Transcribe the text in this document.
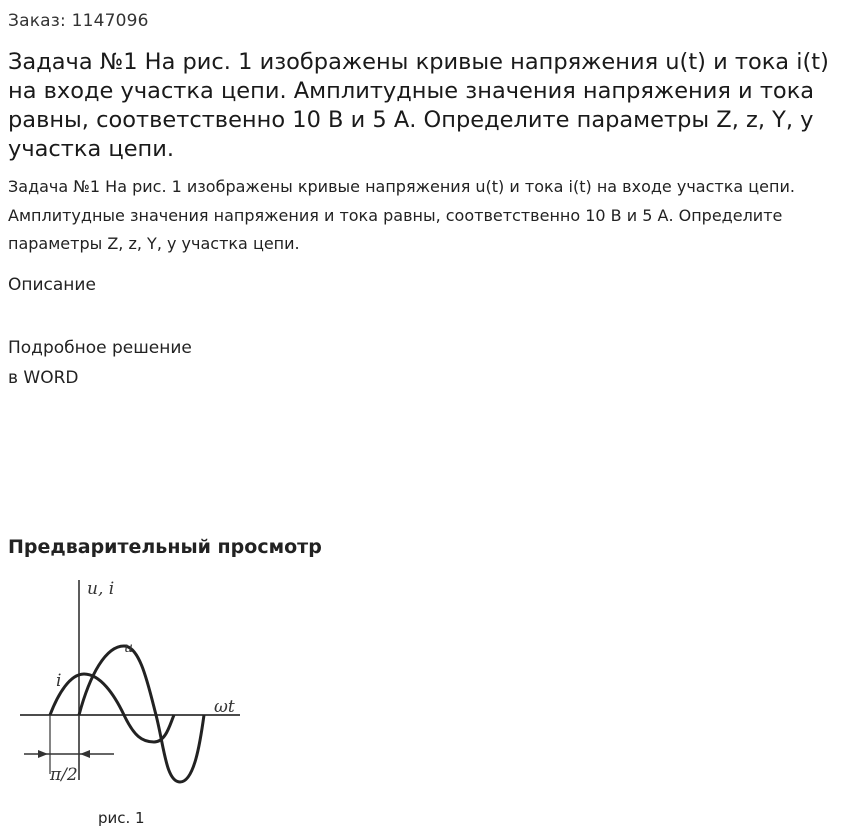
Заказ: 1147096
Задача №1 На рис. 1 изображены кривые напряжения u(t) и тока i(t) на входе участка цепи. Амплитудные значения напряжения и тока равны, соответственно 10 В и 5 А. Определите параметры Z, z, Y, y участка цепи.

Задача №1 На рис. 1 изображены кривые напряжения u(t) и тока i(t) на входе участка цепи. Амплитудные значения напряжения и тока равны, соответственно 10 В и 5 А. Определите параметры Z, z, Y, y участка цепи.

Описание
Подробное решение
в WORD
Предварительный просмотр
u, i
ωt
u
i
π/2
рис. 1
